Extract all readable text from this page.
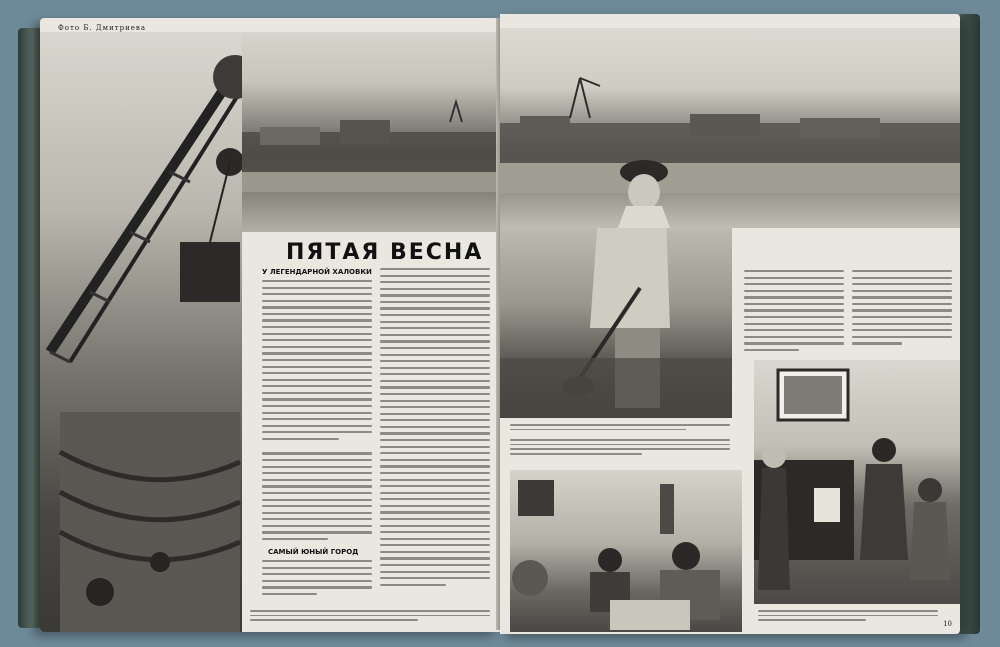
Фото Б. Дмитриева
ПЯТАЯ ВЕСНА
У ЛЕГЕНДАРНОЙ ХАЛОВКИ
САМЫЙ ЮНЫЙ ГОРОД
10
